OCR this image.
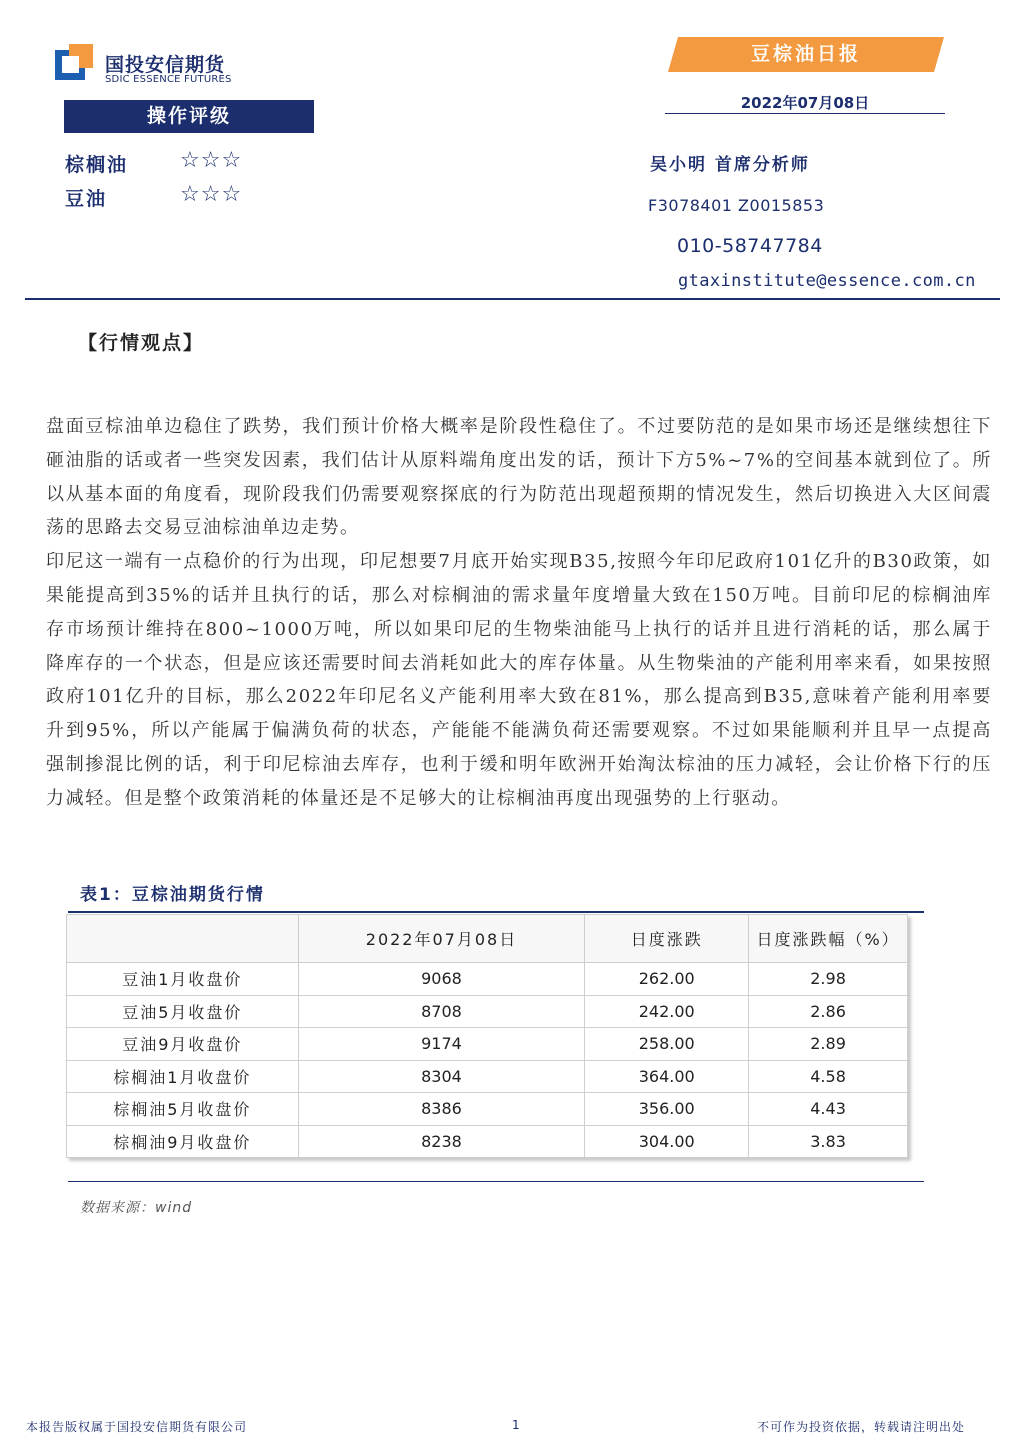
国投安信期货
SDIC ESSENCE FUTURES
豆棕油日报
2022年07月08日
操作评级
棕榈油 ☆☆☆
豆油	☆☆☆
吴小明 首席分析师
F3078401 Z0015853
010-58747784
gtaxinstitute@essence.com.cn
【行情观点】

盘面豆棕油单边稳住了跌势，我们预计价格大概率是阶段性稳住了。不过要防范的是如果市场还是继续想往下砸油脂的话或者一些突发因素，我们估计从原料端角度出发的话，预计下方5%~7%的空间基本就到位了。所以从基本面的角度看，现阶段我们仍需要观察探底的行为防范出现超预期的情况发生，然后切换进入大区间震荡的思路去交易豆油棕油单边走势。

印尼这一端有一点稳价的行为出现，印尼想要7月底开始实现B35,按照今年印尼政府101亿升的B30政策，如果能提高到35%的话并且执行的话，那么对棕榈油的需求量年度增量大致在150万吨。目前印尼的棕榈油库存市场预计维持在800~1000万吨，所以如果印尼的生物柴油能马上执行的话并且进行消耗的话，那么属于降库存的一个状态，但是应该还需要时间去消耗如此大的库存体量。从生物柴油的产能利用率来看，如果按照政府101亿升的目标，那么2022年印尼名义产能利用率大致在81%，那么提高到B35,意味着产能利用率要升到95%，所以产能属于偏满负荷的状态，产能能不能满负荷还需要观察。不过如果能顺利并且早一点提高强制掺混比例的话，利于印尼棕油去库存，也利于缓和明年欧洲开始淘汰棕油的压力减轻，会让价格下行的压力减轻。但是整个政策消耗的体量还是不足够大的让棕榈油再度出现强势的上行驱动。

表1：豆棕油期货行情
	2022年07月08日	日度涨跌	日度涨跌幅（%）
豆油1月收盘价	9068	262.00	2.98
豆油5月收盘价	8708	242.00	2.86
豆油9月收盘价	9174	258.00	2.89
棕榈油1月收盘价	8304	364.00	4.58
棕榈油5月收盘价	8386	356.00	4.43
棕榈油9月收盘价	8238	304.00	3.83
数据来源：wind
本报告版权属于国投安信期货有限公司	1	不可作为投资依据，转载请注明出处
